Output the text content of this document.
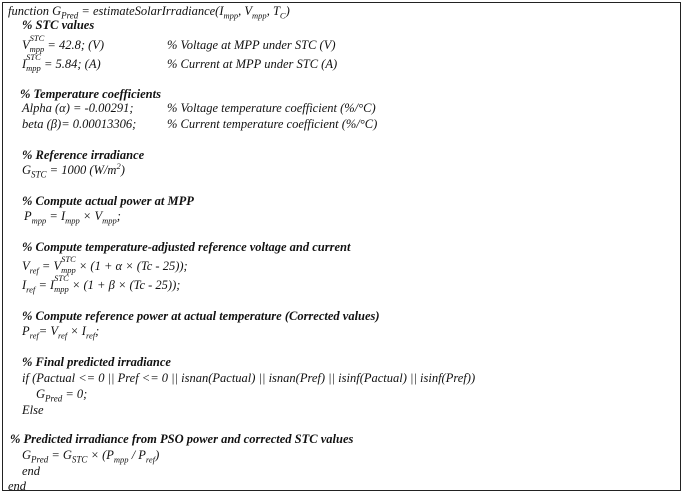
function $G_{Pred}$ = $estimateSolarIrradiance(I_{mpp}$, $V_{mpp}$, $T_C$)
% STC values
V STC
$_{mpp}$ = 42.8; (V)	% Voltage at MPP under STC (V)
I STC
$_{mpp}$ = 5.84; (A)	% Current at MPP under STC (A)
% Temperature coefficients
Alpha (α) = -0.00291;	% Voltage temperature coefficient (%/°C)
beta (β)= 0.00013306; % Current temperature coefficient (%/°C)
% Reference irradiance
$G_{STC} = 1000$ $(W/m^2)$
% Compute actual power at MPP
$P_{mpp} = I_{mpp} \times V_{mpp}$;
% Compute temperature-adjusted reference voltage and current
$V_{ref} = V$ STC
$_{mpp}$ × (1 + α × (Tc - 25));
$I_{ref} = I$ STC
$_{mpp}$ × (1 + β × (Tc - 25));
% Compute reference power at actual temperature (Corrected values)
$P_{ref}= V_{ref} \times I_{ref}$;
% Final predicted irradiance
if (Pactual <= 0 || Pref <= 0 || isnan(Pactual) || isnan(Pref) || isinf(Pactual) || isinf(Pref))
$G_{Pred} = 0$;
Else
% Predicted irradiance from PSO power and corrected STC values
$G_{Pred} = G_{STC} \times (P_{mpp} / P_{ref})$
end
end
